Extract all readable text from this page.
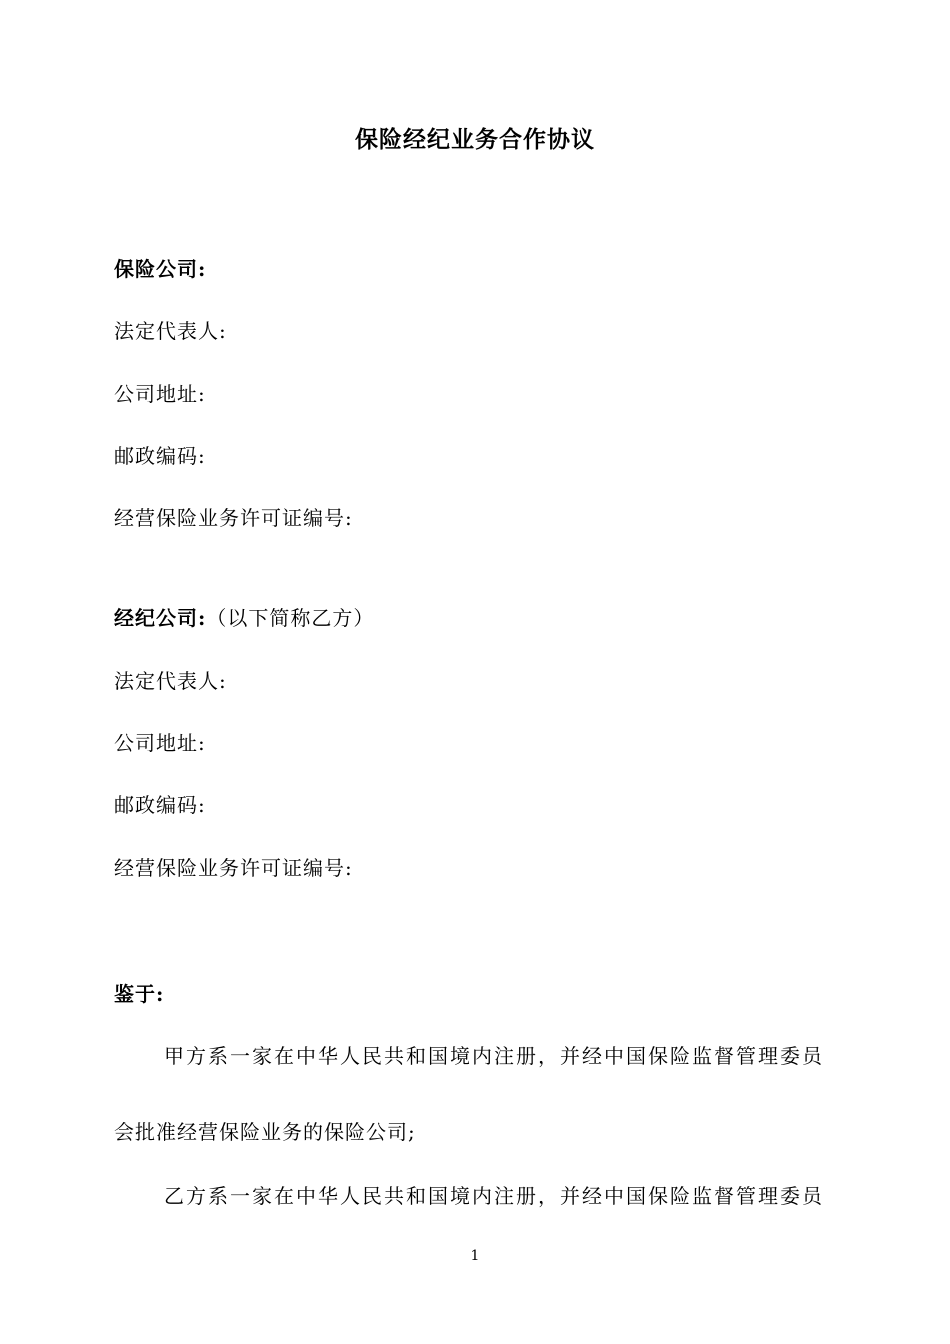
保险经纪业务合作协议
保险公司:
法定代表人:
公司地址:
邮政编码:
经营保险业务许可证编号:
经纪公司:（以下简称乙方）
法定代表人:
公司地址:
邮政编码:
经营保险业务许可证编号:
鉴于:
甲方系一家在中华人民共和国境内注册，并经中国保险监督管理委员
会批准经营保险业务的保险公司;
乙方系一家在中华人民共和国境内注册，并经中国保险监督管理委员
1
